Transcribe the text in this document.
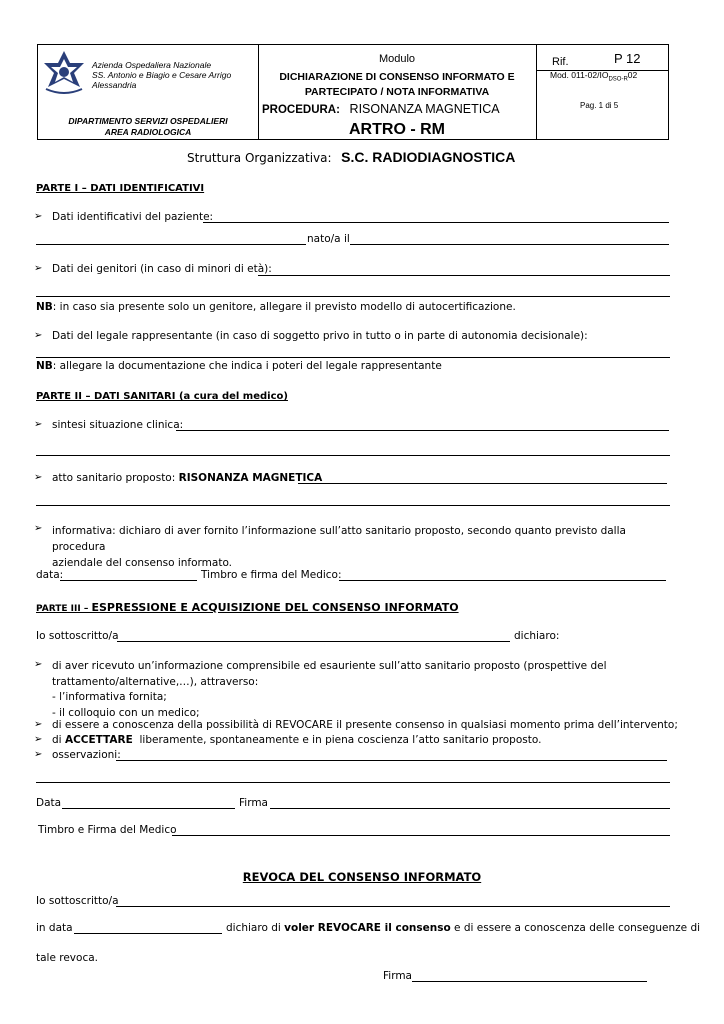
Azienda Ospedaliera Nazionale
SS. Antonio e Biagio e Cesare Arrigo
Alessandria
DIPARTIMENTO SERVIZI OSPEDALIERI
AREA RADIOLOGICA
Modulo
DICHIARAZIONE DI CONSENSO INFORMATO E
PARTECIPATO / NOTA INFORMATIVA
PROCEDURA: RISONANZA MAGNETICA
ARTRO - RM
Rif.	P 12
Mod. $011-02/IO_{DSO-R}02$
Pag. 1 di 5
Struttura Organizzativa: S.C. RADIODIAGNOSTICA
PARTE I – DATI IDENTIFICATIVI
➢ Dati identificativi del paziente:
nato/a il
➢ Dati dei genitori (in caso di minori di età):
NB: in caso sia presente solo un genitore, allegare il previsto modello di autocertificazione.
➢ Dati del legale rappresentante (in caso di soggetto privo in tutto o in parte di autonomia decisionale):
NB: allegare la documentazione che indica i poteri del legale rappresentante
PARTE II – DATI SANITARI (a cura del medico)
➢ sintesi situazione clinica:
➢ atto sanitario proposto: RISONANZA MAGNETICA
➢ informativa: dichiaro di aver fornito l’informazione sull’atto sanitario proposto, secondo quanto previsto dalla procedura
aziendale del consenso informato.
data:	Timbro e firma del Medico:
PARTE III – ESPRESSIONE E ACQUISIZIONE DEL CONSENSO INFORMATO
Io sottoscritto/a	dichiaro:
➢ di aver ricevuto un’informazione comprensibile ed esauriente sull’atto sanitario proposto (prospettive del
trattamento/alternative,…), attraverso:
- l’informativa fornita;
- il colloquio con un medico;
➢ di essere a conoscenza della possibilità di REVOCARE il presente consenso in qualsiasi momento prima dell’intervento;
➢ di ACCETTARE liberamente, spontaneamente e in piena coscienza l’atto sanitario proposto.
➢ osservazioni:
Data	Firma
Timbro e Firma del Medico
REVOCA DEL CONSENSO INFORMATO
Io sottoscritto/a
in data	dichiaro di voler REVOCARE il consenso e di essere a conoscenza delle conseguenze di
tale revoca.
Firma
